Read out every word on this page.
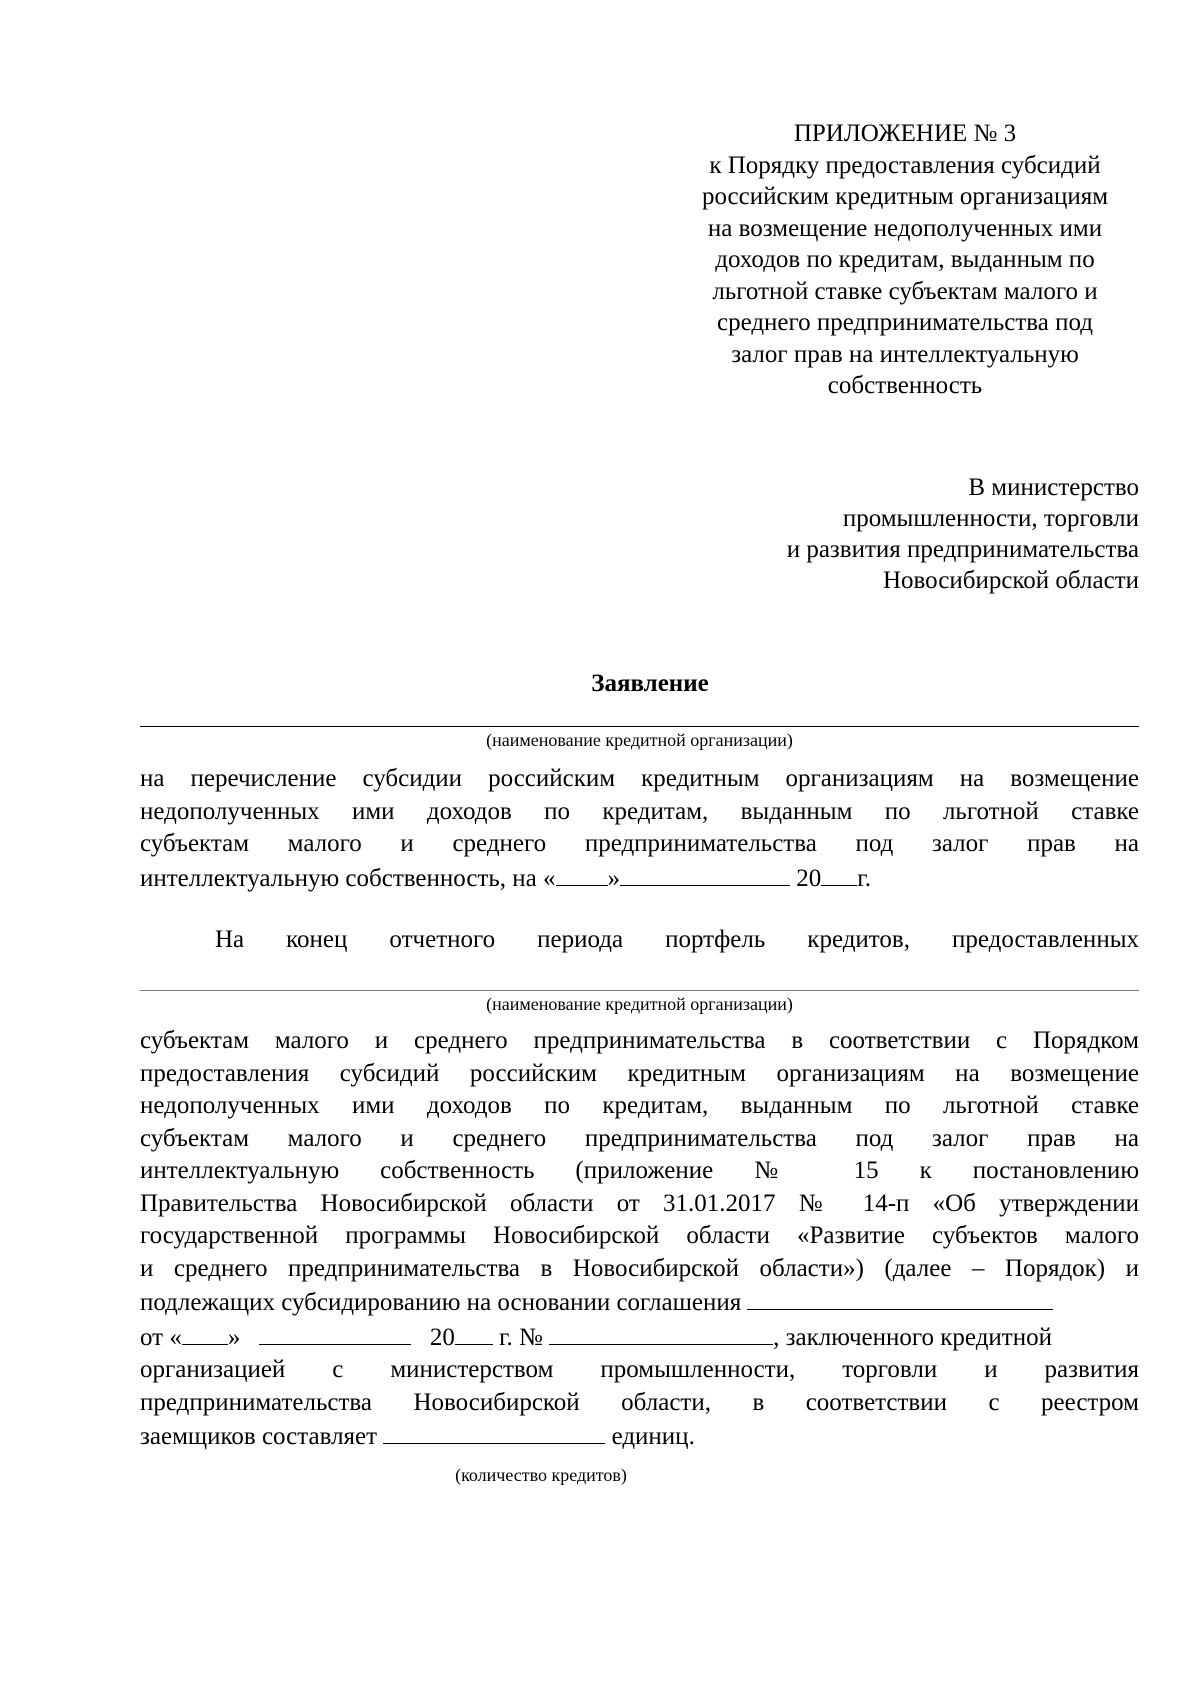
ПРИЛОЖЕНИЕ № 3
к Порядку предоставления субсидий
российским кредитным организациям
на возмещение недополученных ими
доходов по кредитам, выданным по
льготной ставке субъектам малого и
среднего предпринимательства под
залог прав на интеллектуальную
собственность
В министерство
промышленности, торговли
и развития предпринимательства
Новосибирской области
Заявление
(наименование кредитной организации)
на перечисление субсидии российским кредитным организациям на возмещение
недополученных ими доходов по кредитам, выданным по льготной ставке
субъектам малого и среднего предпринимательства под залог прав на
интеллектуальную собственность, на « »	20 г.
На конец отчетного периода портфель кредитов, предоставленных
(наименование кредитной организации)
субъектам малого и среднего предпринимательства в соответствии с Порядком
предоставления субсидий российским кредитным организациям на возмещение
недополученных ими доходов по кредитам, выданным по льготной ставке
субъектам малого и среднего предпринимательства под залог прав на
интеллектуальную собственность (приложение № 15 к постановлению
Правительства Новосибирской области от 31.01.2017 № 14-п «Об утверждении
государственной программы Новосибирской области «Развитие субъектов малого
и среднего предпринимательства в Новосибирской области») (далее – Порядок) и
подлежащих субсидированию на основании соглашения
от « »	20 г. №	, заключенного кредитной
организацией с министерством промышленности, торговли и развития
предпринимательства Новосибирской области, в соответствии с реестром
заемщиков составляет	единиц.
(количество кредитов)
